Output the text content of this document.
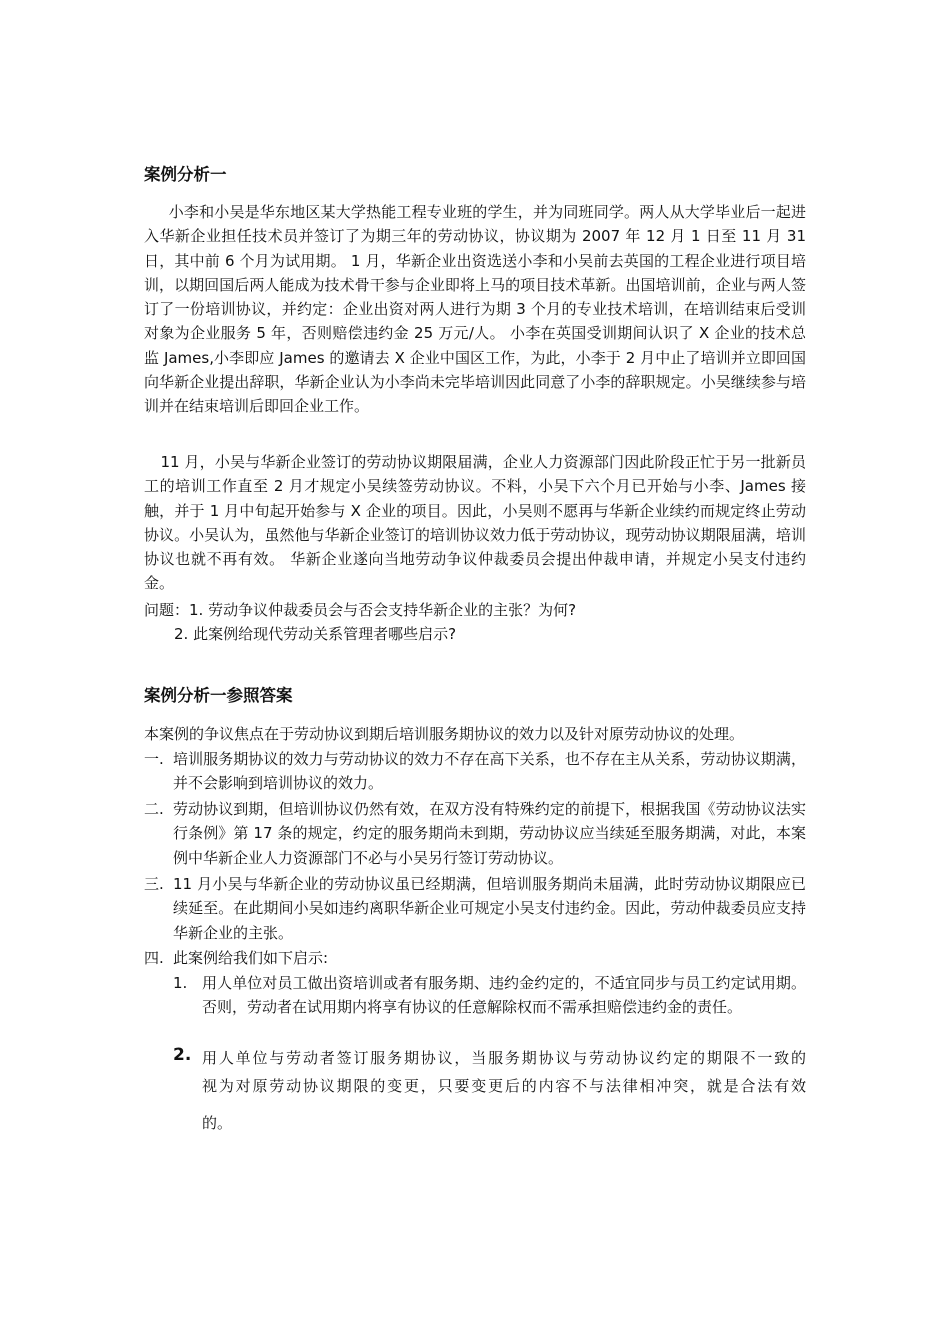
案例分析一

小李和小吴是华东地区某大学热能工程专业班的学生，并为同班同学。两人从大学毕业后一起进入华新企业担任技术员并签订了为期三年的劳动协议，协议期为 2007 年 12 月 1 日至 11 月 31 日，其中前 6 个月为试用期。 1 月，华新企业出资选送小李和小吴前去英国的工程企业进行项目培训，以期回国后两人能成为技术骨干参与企业即将上马的项目技术革新。出国培训前，企业与两人签订了一份培训协议，并约定：企业出资对两人进行为期 3 个月的专业技术培训，在培训结束后受训对象为企业服务 5 年，否则赔偿违约金 25 万元/人。 小李在英国受训期间认识了 X 企业的技术总监 James,小李即应 James 的邀请去 X 企业中国区工作，为此，小李于 2 月中止了培训并立即回国向华新企业提出辞职，华新企业认为小李尚未完毕培训因此同意了小李的辞职规定。小吴继续参与培训并在结束培训后即回企业工作。

11 月，小吴与华新企业签订的劳动协议期限届满，企业人力资源部门因此阶段正忙于另一批新员工的培训工作直至 2 月才规定小吴续签劳动协议。不料，小吴下六个月已开始与小李、James 接触，并于 1 月中旬起开始参与 X 企业的项目。因此，小吴则不愿再与华新企业续约而规定终止劳动协议。小吴认为，虽然他与华新企业签订的培训协议效力低于劳动协议，现劳动协议期限届满，培训协议也就不再有效。 华新企业遂向当地劳动争议仲裁委员会提出仲裁申请，并规定小吴支付违约金。

问题：1. 劳动争议仲裁委员会与否会支持华新企业的主张？为何?

2. 此案例给现代劳动关系管理者哪些启示?

案例分析一参照答案

本案例的争议焦点在于劳动协议到期后培训服务期协议的效力以及针对原劳动协议的处理。

一. 培训服务期协议的效力与劳动协议的效力不存在高下关系，也不存在主从关系，劳动协议期满，并不会影响到培训协议的效力。
二. 劳动协议到期，但培训协议仍然有效，在双方没有特殊约定的前提下，根据我国《劳动协议法实行条例》第 17 条的规定，约定的服务期尚未到期，劳动协议应当续延至服务期满，对此，本案例中华新企业人力资源部门不必与小吴另行签订劳动协议。
三. 11 月小吴与华新企业的劳动协议虽已经期满，但培训服务期尚未届满，此时劳动协议期限应已续延至。在此期间小吴如违约离职华新企业可规定小吴支付违约金。因此，劳动仲裁委员应支持华新企业的主张。
四. 此案例给我们如下启示:
1. 用人单位对员工做出资培训或者有服务期、违约金约定的，不适宜同步与员工约定试用期。否则，劳动者在试用期内将享有协议的任意解除权而不需承担赔偿违约金的责任。
2. 用人单位与劳动者签订服务期协议，当服务期协议与劳动协议约定的期限不一致的

视为对原劳动协议期限的变更，只要变更后的内容不与法律相冲突，就是合法有效

的。
